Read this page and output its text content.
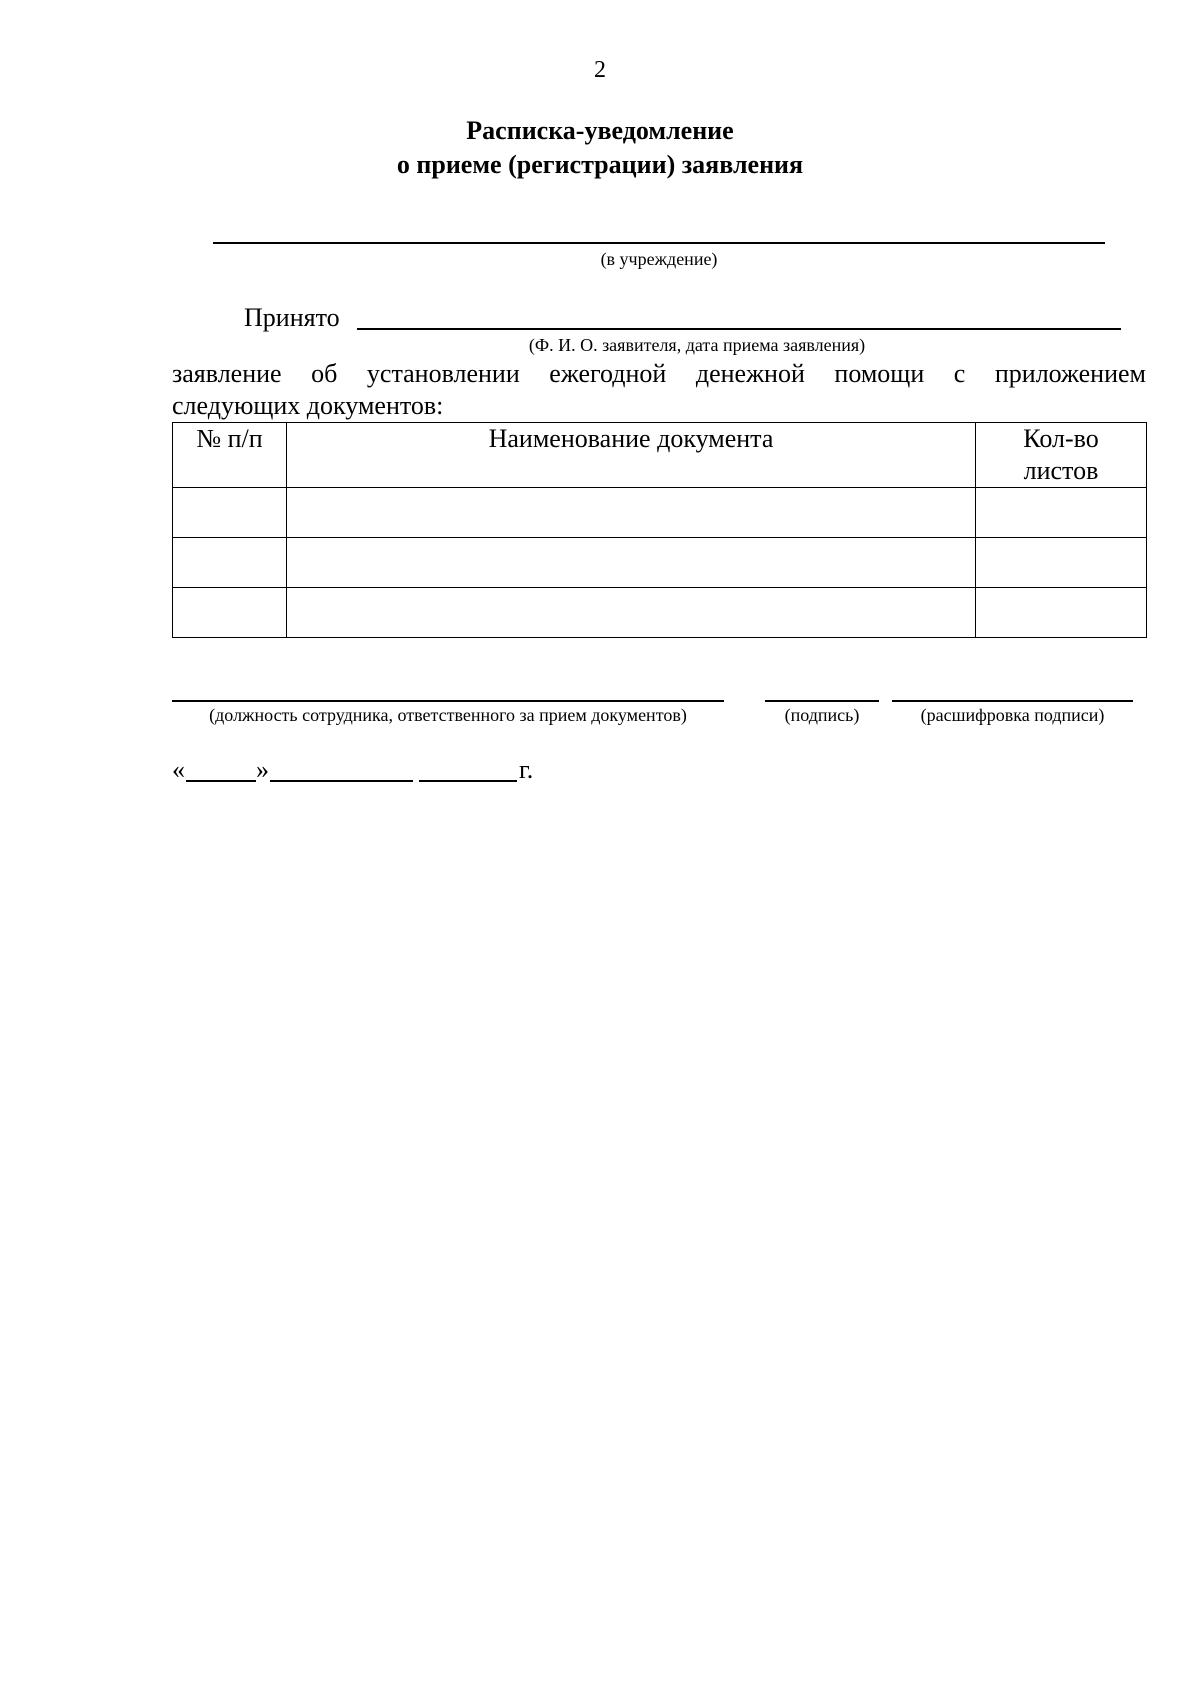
2
Расписка-уведомление
о приеме (регистрации) заявления
(в учреждение)
Принято
(Ф. И. О. заявителя, дата приема заявления)
заявление об установлении ежегодной денежной помощи с приложением
следующих документов:
№ п/п	Наименование документа	Кол-во
листов

(должность сотрудника, ответственного за прием документов)	(подпись)	(расшифровка подписи)
«	»	г.
